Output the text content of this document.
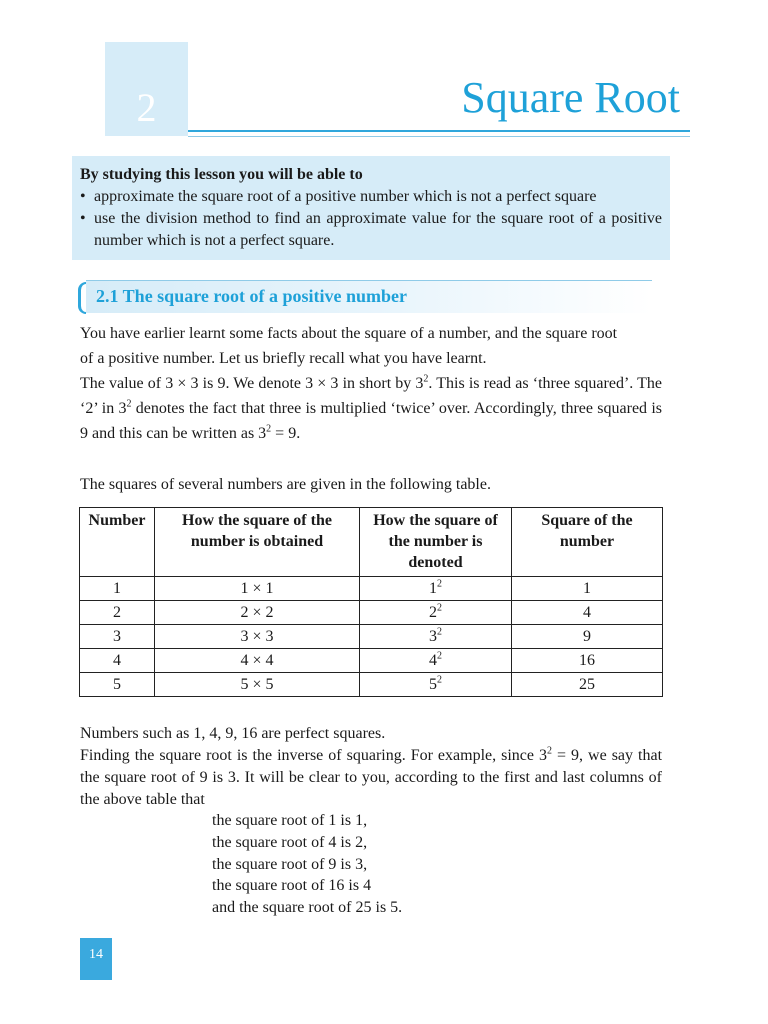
2	Square Root
By studying this lesson you will be able to
• approximate the square root of a positive number which is not a perfect square
• use the division method to find an approximate value for the square root of a positive number which is not a perfect square.
2.1 The square root of a positive number
You have earlier learnt some facts about the square of a number, and the square root
of a positive number. Let us briefly recall what you have learnt.
The value of 3 × 3 is 9. We denote 3 × 3 in short by $3^2$. This is read as ‘three squared’. The ‘2’ in $3^2$ denotes the fact that three is multiplied ‘twice’ over. Accordingly, three squared is 9 and this can be written as $3^2 = 9$.
The squares of several numbers are given in the following table.
Number	How the square of the number is obtained	How the square of the number is denoted	Square of the number
1	1 × 1	$1^2$	1
2	2 × 2	$2^2$	4
3	3 × 3	$3^2$	9
4	4 × 4	$4^2$	16
5	5 × 5	$5^2$	25
Numbers such as 1, 4, 9, 16 are perfect squares.
Finding the square root is the inverse of squaring. For example, since $3^2 = 9$, we say that the square root of 9 is 3. It will be clear to you, according to the first and last columns of the above table that
the square root of 1 is 1,
the square root of 4 is 2,
the square root of 9 is 3,
the square root of 16 is 4
and the square root of 25 is 5.
14
